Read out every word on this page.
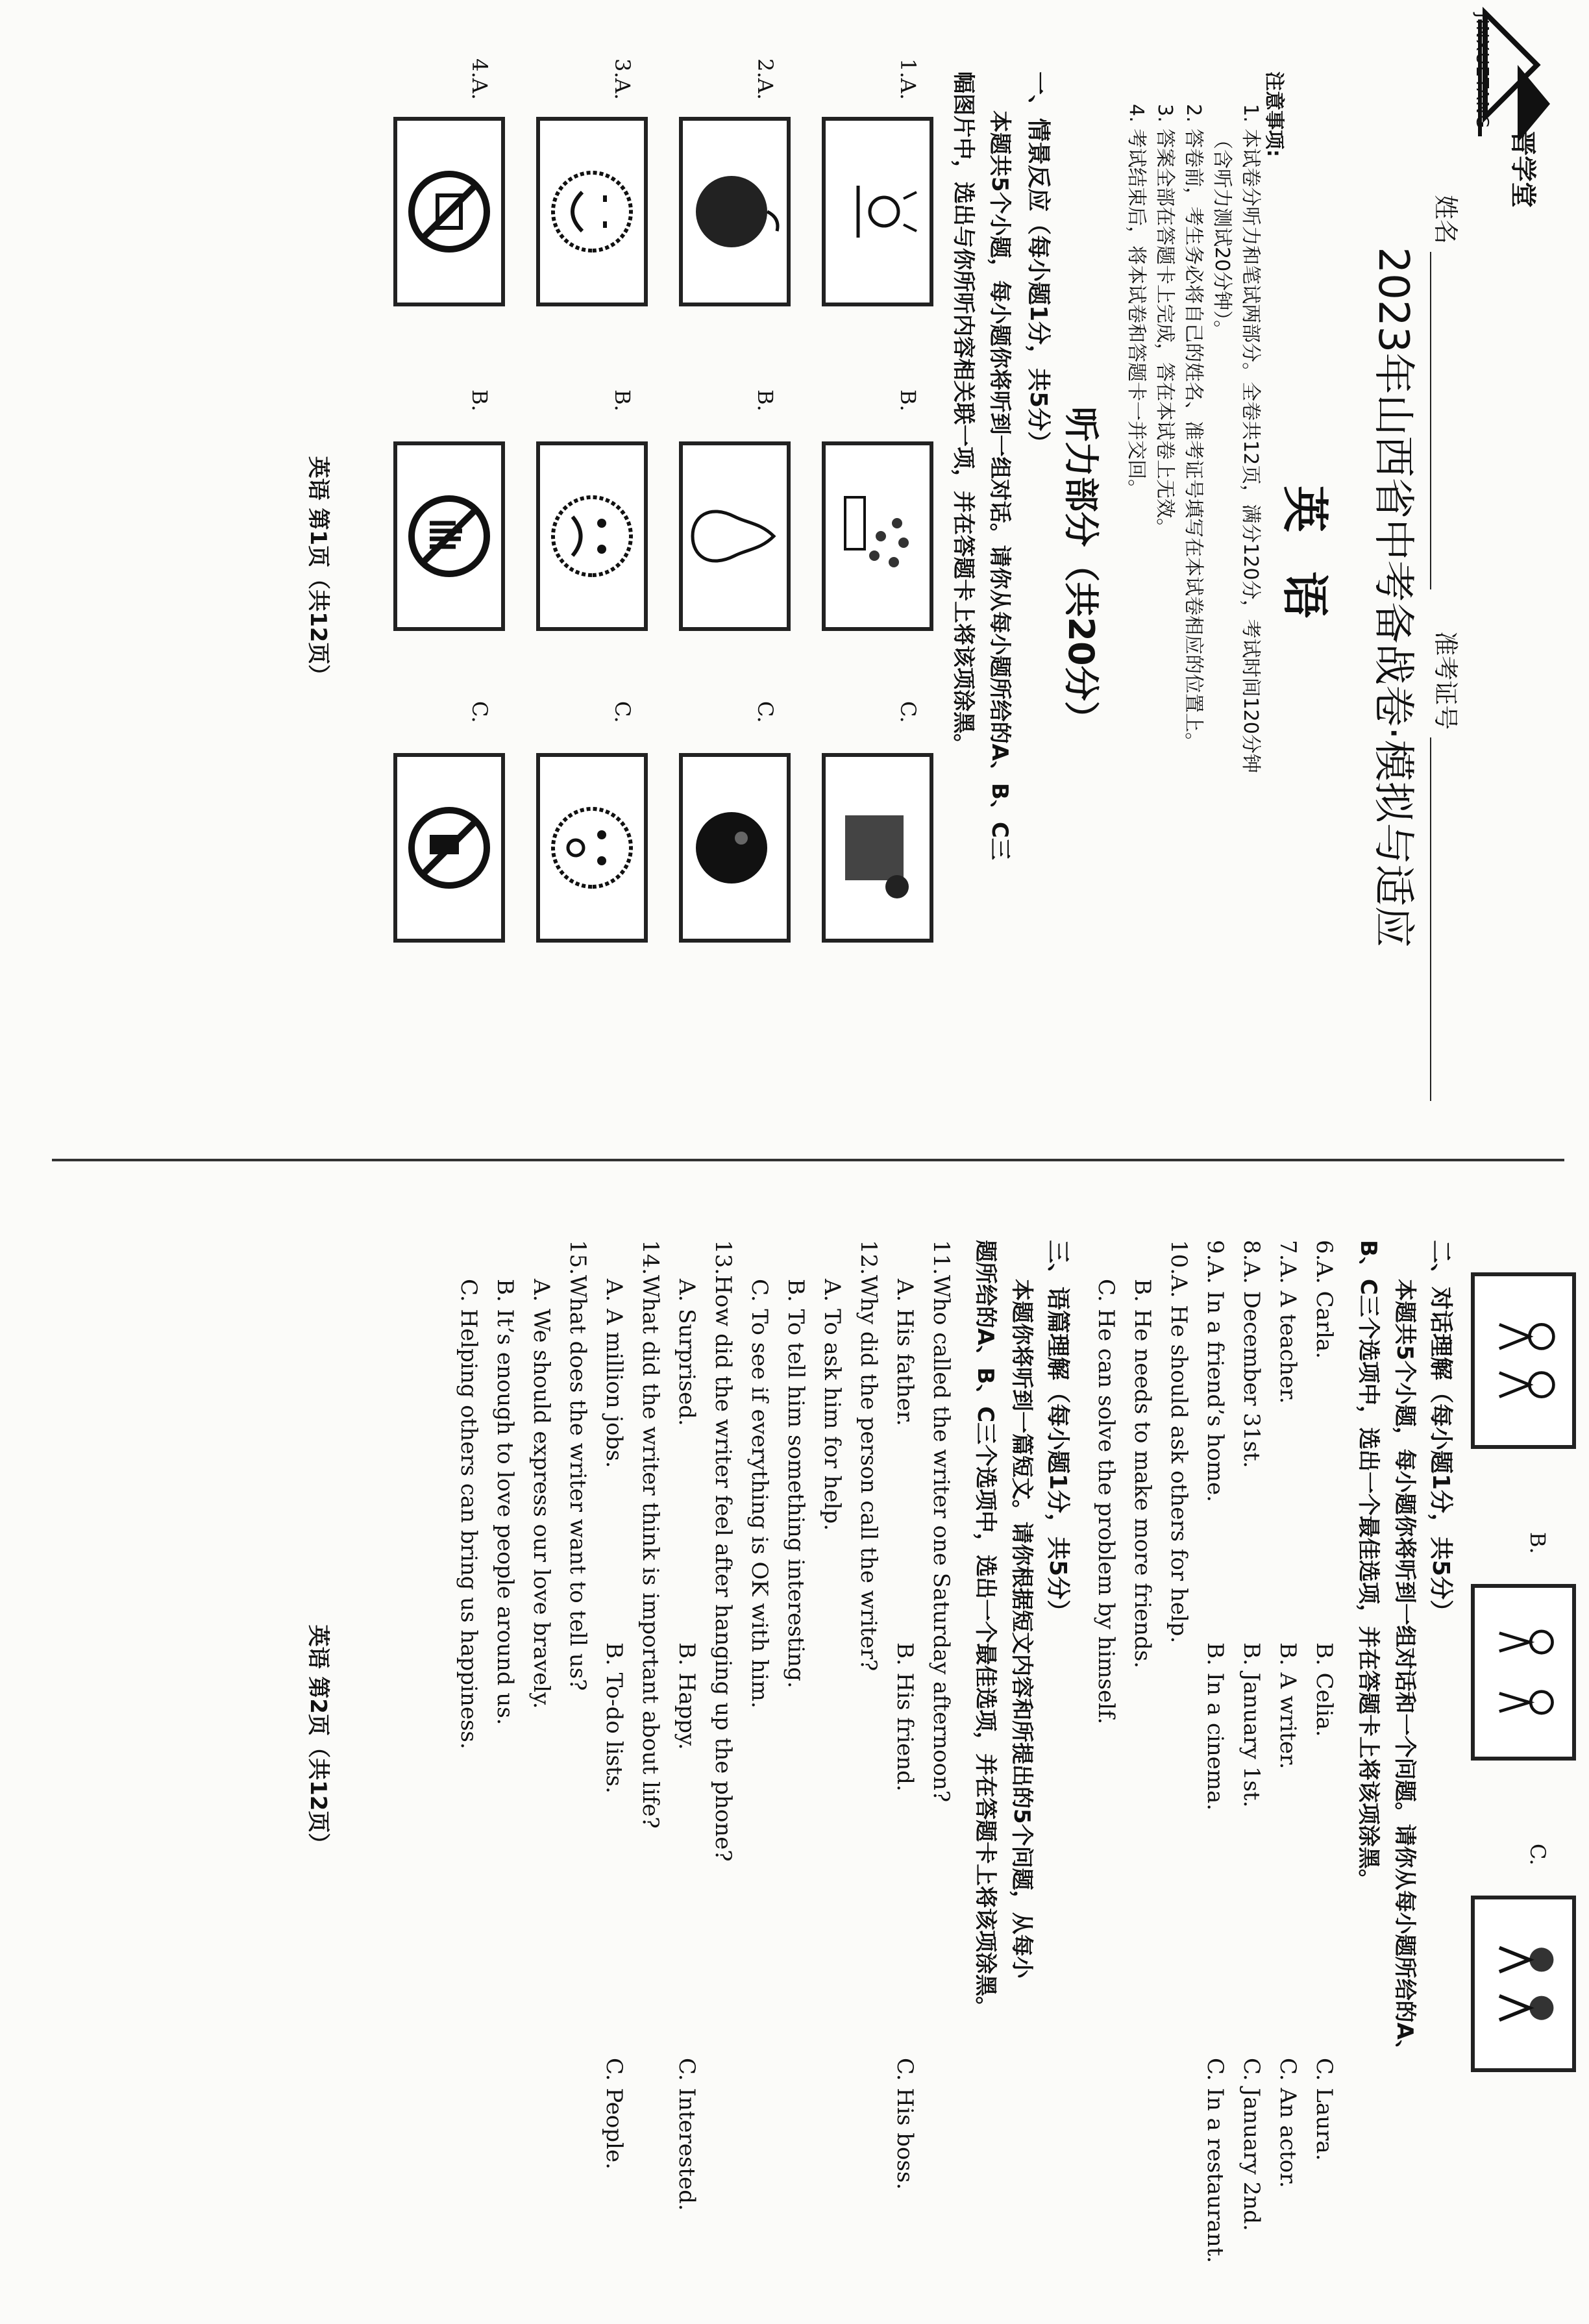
晋学堂
JINXUETANG
姓名   准考证号
2023年山西省中考备战卷·模拟与适应
英语
注意事项:
1. 本试卷分听力和笔试两部分。全卷共12页，满分120分，考试时间120分钟
（含听力测试20分钟）。
2. 答卷前，考生务必将自己的姓名、准考证号填写在本试卷相应的位置上。
3. 答案全部在答题卡上完成，答在本试卷上无效。
4. 考试结束后，将本试卷和答题卡一并交回。
听力部分（共20分）
一、情景反应（每小题1分，共5分）
本题共5个小题，每小题你将听到一组对话。请你从每小题所给的A、B、C三
幅图片中，选出与你所听内容相关联一项，并在答题卡上将该项涂黑。
1.A.
B.
C.
2.A.
B.
C.
3.A.
B.
C.
4.A.
B.
C.
英语 第1页（共12页）
B.
C.
二、对话理解（每小题1分，共5分）
本题共5个小题，每小题你将听到一组对话和一个问题。请你从每小题所给的A、
B、C三个选项中，选出一个最佳选项，并在答题卡上将该项涂黑。
6.A. Carla.B. Celia.C. Laura.
7.A. A teacher.B. A writer.C. An actor.
8.A. December 31st.B. January 1st.C. January 2nd.
9.A. In a friend’s home.B. In a cinema.C. In a restaurant.
10.A. He should ask others for help.
B. He needs to make more friends.
C. He can solve the problem by himself.
三、语篇理解（每小题1分，共5分）
本题你将听到一篇短文。请你根据短文内容和所提出的5个问题，从每小
题所给的A、B、C三个选项中，选出一个最佳选项，并在答题卡上将该项涂黑。
11.Who called the writer one Saturday afternoon?
A. His father.B. His friend.C. His boss.
12.Why did the person call the writer?
A. To ask him for help.
B. To tell him something interesting.
C. To see if everything is OK with him.
13.How did the writer feel after hanging up the phone?
A. Surprised.B. Happy.C. Interested.
14.What did the writer think is important about life?
A. A million jobs.B. To-do lists.C. People.
15.What does the writer want to tell us?
A. We should express our love bravely.
B. It’s enough to love people around us.
C. Helping others can bring us happiness.
英语 第2页（共12页）
